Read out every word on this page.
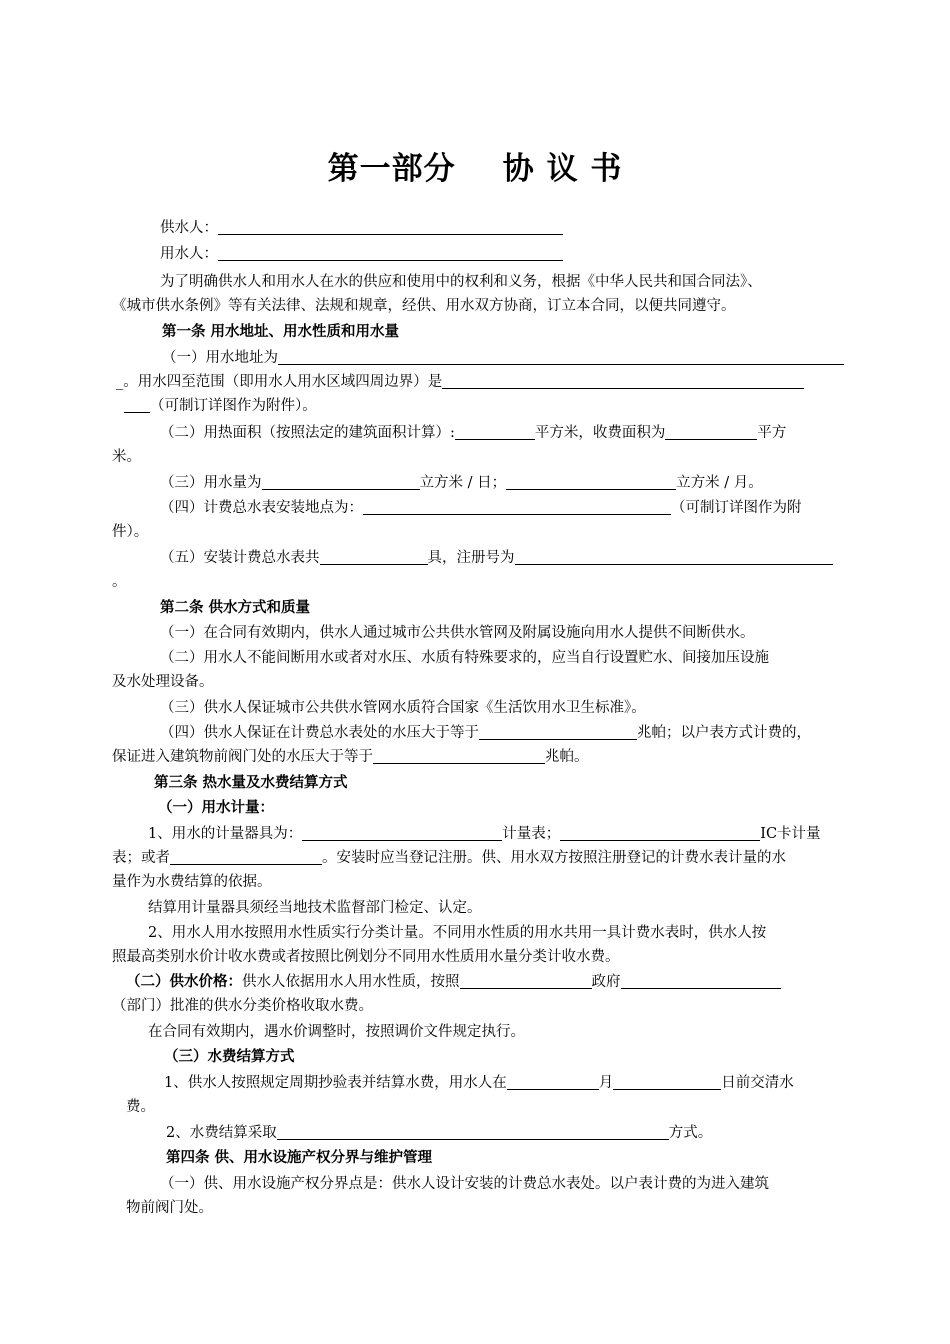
第一部分    协 议 书
供水人：
用水人：
为了明确供水人和用水人在水的供应和使用中的权利和义务，根据《中华人民共和国合同法》、
《城市供水条例》等有关法律、法规和规章，经供、用水双方协商，订立本合同，以便共同遵守。
第一条 用水地址、用水性质和用水量
（一）用水地址为
_。用水四至范围（即用水人用水区域四周边界）是
（可制订详图作为附件）。
（二）用热面积（按照法定的建筑面积计算）:	平方米，收费面积为	平方
米。
（三）用水量为	立方米 / 日；	立方米 / 月。
（四）计费总水表安装地点为：	（可制订详图作为附
件）。
（五）安装计费总水表共	具，注册号为
。
第二条 供水方式和质量
（一）在合同有效期内，供水人通过城市公共供水管网及附属设施向用水人提供不间断供水。
（二）用水人不能间断用水或者对水压、水质有特殊要求的，应当自行设置贮水、间接加压设施
及水处理设备。
（三）供水人保证城市公共供水管网水质符合国家《生活饮用水卫生标准》。
（四）供水人保证在计费总水表处的水压大于等于	兆帕；以户表方式计费的，
保证进入建筑物前阀门处的水压大于等于	兆帕。
第三条 热水量及水费结算方式
（一）用水计量：
1、用水的计量器具为：	计量表；	IC卡计量
表；或者	。安装时应当登记注册。供、用水双方按照注册登记的计费水表计量的水
量作为水费结算的依据。
结算用计量器具须经当地技术监督部门检定、认定。
2、用水人用水按照用水性质实行分类计量。不同用水性质的用水共用一具计费水表时，供水人按
照最高类别水价计收水费或者按照比例划分不同用水性质用水量分类计收水费。
（二）供水价格：供水人依据用水人用水性质，按照	政府
（部门）批准的供水分类价格收取水费。
在合同有效期内，遇水价调整时，按照调价文件规定执行。
（三）水费结算方式
1、供水人按照规定周期抄验表并结算水费，用水人在	月	日前交清水
费。
2、水费结算采取	方式。
第四条 供、用水设施产权分界与维护管理
（一）供、用水设施产权分界点是：供水人设计安装的计费总水表处。以户表计费的为进入建筑
物前阀门处。
